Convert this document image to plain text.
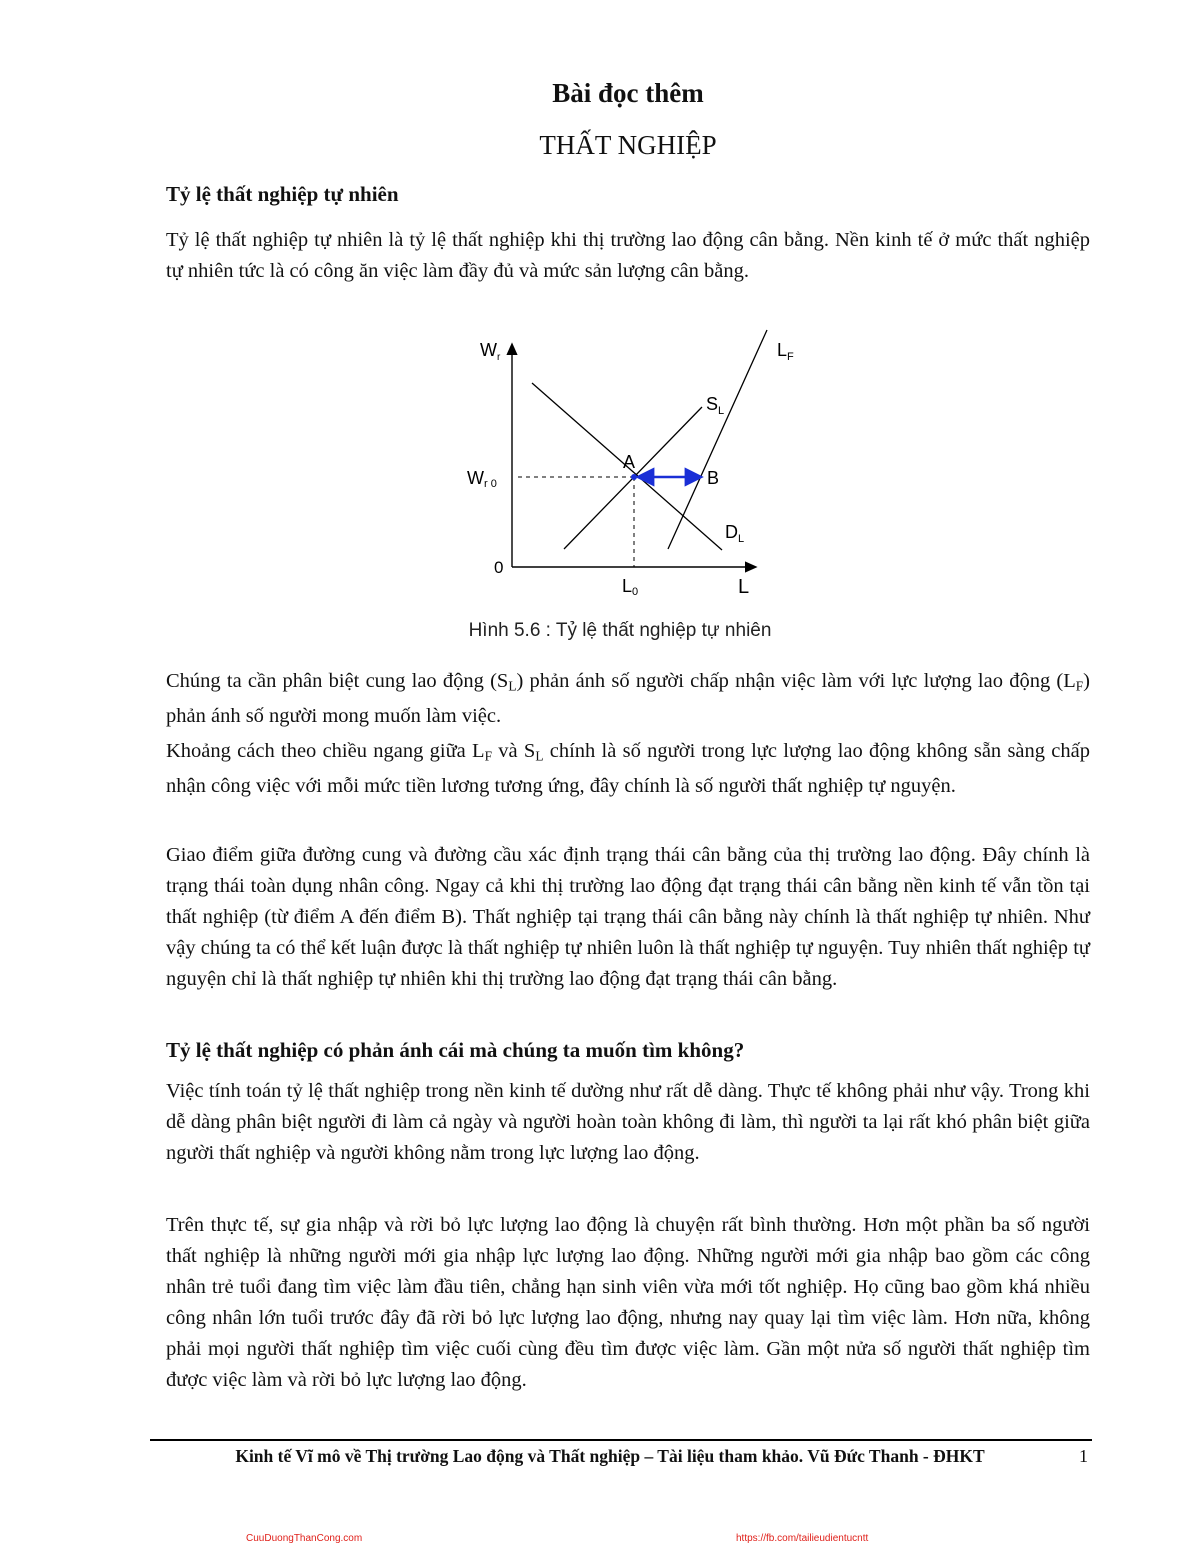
Bài đọc thêm
THẤT NGHIỆP
Tỷ lệ thất nghiệp tự nhiên
Tỷ lệ thất nghiệp tự nhiên là tỷ lệ thất nghiệp khi thị trường lao động cân bằng. Nền kinh tế ở mức thất nghiệp tự nhiên tức là có công ăn việc làm đầy đủ và mức sản lượng cân bằng.
$W_r$
Wr 0
0
L0	L
A
B
$S_L$
$D_L$
$L_F$
Hình 5.6 : Tỷ lệ thất nghiệp tự nhiên
Chúng ta cần phân biệt cung lao động $(S_L)$ phản ánh số người chấp nhận việc làm với lực lượng lao động $(L_F)$ phản ánh số người mong muốn làm việc.
Khoảng cách theo chiều ngang giữa $L_F$ và $S_L$ chính là số người trong lực lượng lao động không sẵn sàng chấp nhận công việc với mỗi mức tiền lương tương ứng, đây chính là số người thất nghiệp tự nguyện.
Giao điểm giữa đường cung và đường cầu xác định trạng thái cân bằng của thị trường lao động. Đây chính là trạng thái toàn dụng nhân công. Ngay cả khi thị trường lao động đạt trạng thái cân bằng nền kinh tế vẫn tồn tại thất nghiệp (từ điểm A đến điểm B). Thất nghiệp tại trạng thái cân bằng này chính là thất nghiệp tự nhiên. Như vậy chúng ta có thể kết luận được là thất nghiệp tự nhiên luôn là thất nghiệp tự nguyện. Tuy nhiên thất nghiệp tự nguyện chỉ là thất nghiệp tự nhiên khi thị trường lao động đạt trạng thái cân bằng.
Tỷ lệ thất nghiệp có phản ánh cái mà chúng ta muốn tìm không?
Việc tính toán tỷ lệ thất nghiệp trong nền kinh tế dường như rất dễ dàng. Thực tế không phải như vậy. Trong khi dễ dàng phân biệt người đi làm cả ngày và người hoàn toàn không đi làm, thì người ta lại rất khó phân biệt giữa người thất nghiệp và người không nằm trong lực lượng lao động.
Trên thực tế, sự gia nhập và rời bỏ lực lượng lao động là chuyện rất bình thường. Hơn một phần ba số người thất nghiệp là những người mới gia nhập lực lượng lao động. Những người mới gia nhập bao gồm các công nhân trẻ tuổi đang tìm việc làm đầu tiên, chẳng hạn sinh viên vừa mới tốt nghiệp. Họ cũng bao gồm khá nhiều công nhân lớn tuổi trước đây đã rời bỏ lực lượng lao động, nhưng nay quay lại tìm việc làm. Hơn nữa, không phải mọi người thất nghiệp tìm việc cuối cùng đều tìm được việc làm. Gần một nửa số người thất nghiệp tìm được việc làm và rời bỏ lực lượng lao động.
Kinh tế Vĩ mô về Thị trường Lao động và Thất nghiệp – Tài liệu tham khảo. Vũ Đức Thanh - ĐHKT	1
CuuDuongThanCong.com	https://fb.com/tailieudientucntt
